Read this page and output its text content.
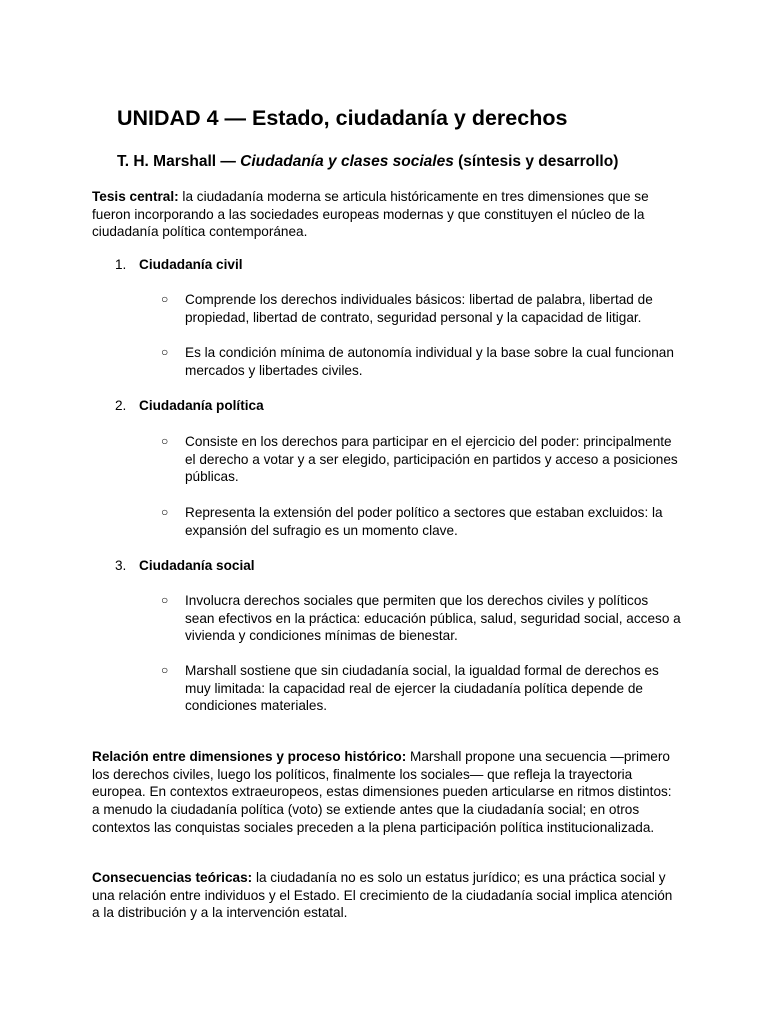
UNIDAD 4 — Estado, ciudadanía y derechos
T. H. Marshall — Ciudadanía y clases sociales (síntesis y desarrollo)
Tesis central: la ciudadanía moderna se articula históricamente en tres dimensiones que se fueron incorporando a las sociedades europeas modernas y que constituyen el núcleo de la ciudadanía política contemporánea.
1. Ciudadanía civil
○ Comprende los derechos individuales básicos: libertad de palabra, libertad de propiedad, libertad de contrato, seguridad personal y la capacidad de litigar.
○ Es la condición mínima de autonomía individual y la base sobre la cual funcionan mercados y libertades civiles.
2. Ciudadanía política
○ Consiste en los derechos para participar en el ejercicio del poder: principalmente el derecho a votar y a ser elegido, participación en partidos y acceso a posiciones públicas.
○ Representa la extensión del poder político a sectores que estaban excluidos: la expansión del sufragio es un momento clave.
3. Ciudadanía social
○ Involucra derechos sociales que permiten que los derechos civiles y políticos sean efectivos en la práctica: educación pública, salud, seguridad social, acceso a vivienda y condiciones mínimas de bienestar.
○ Marshall sostiene que sin ciudadanía social, la igualdad formal de derechos es muy limitada: la capacidad real de ejercer la ciudadanía política depende de condiciones materiales.
Relación entre dimensiones y proceso histórico: Marshall propone una secuencia —primero los derechos civiles, luego los políticos, finalmente los sociales— que refleja la trayectoria europea. En contextos extraeuropeos, estas dimensiones pueden articularse en ritmos distintos: a menudo la ciudadanía política (voto) se extiende antes que la ciudadanía social; en otros contextos las conquistas sociales preceden a la plena participación política institucionalizada.
Consecuencias teóricas: la ciudadanía no es solo un estatus jurídico; es una práctica social y una relación entre individuos y el Estado. El crecimiento de la ciudadanía social implica atención a la distribución y a la intervención estatal.
